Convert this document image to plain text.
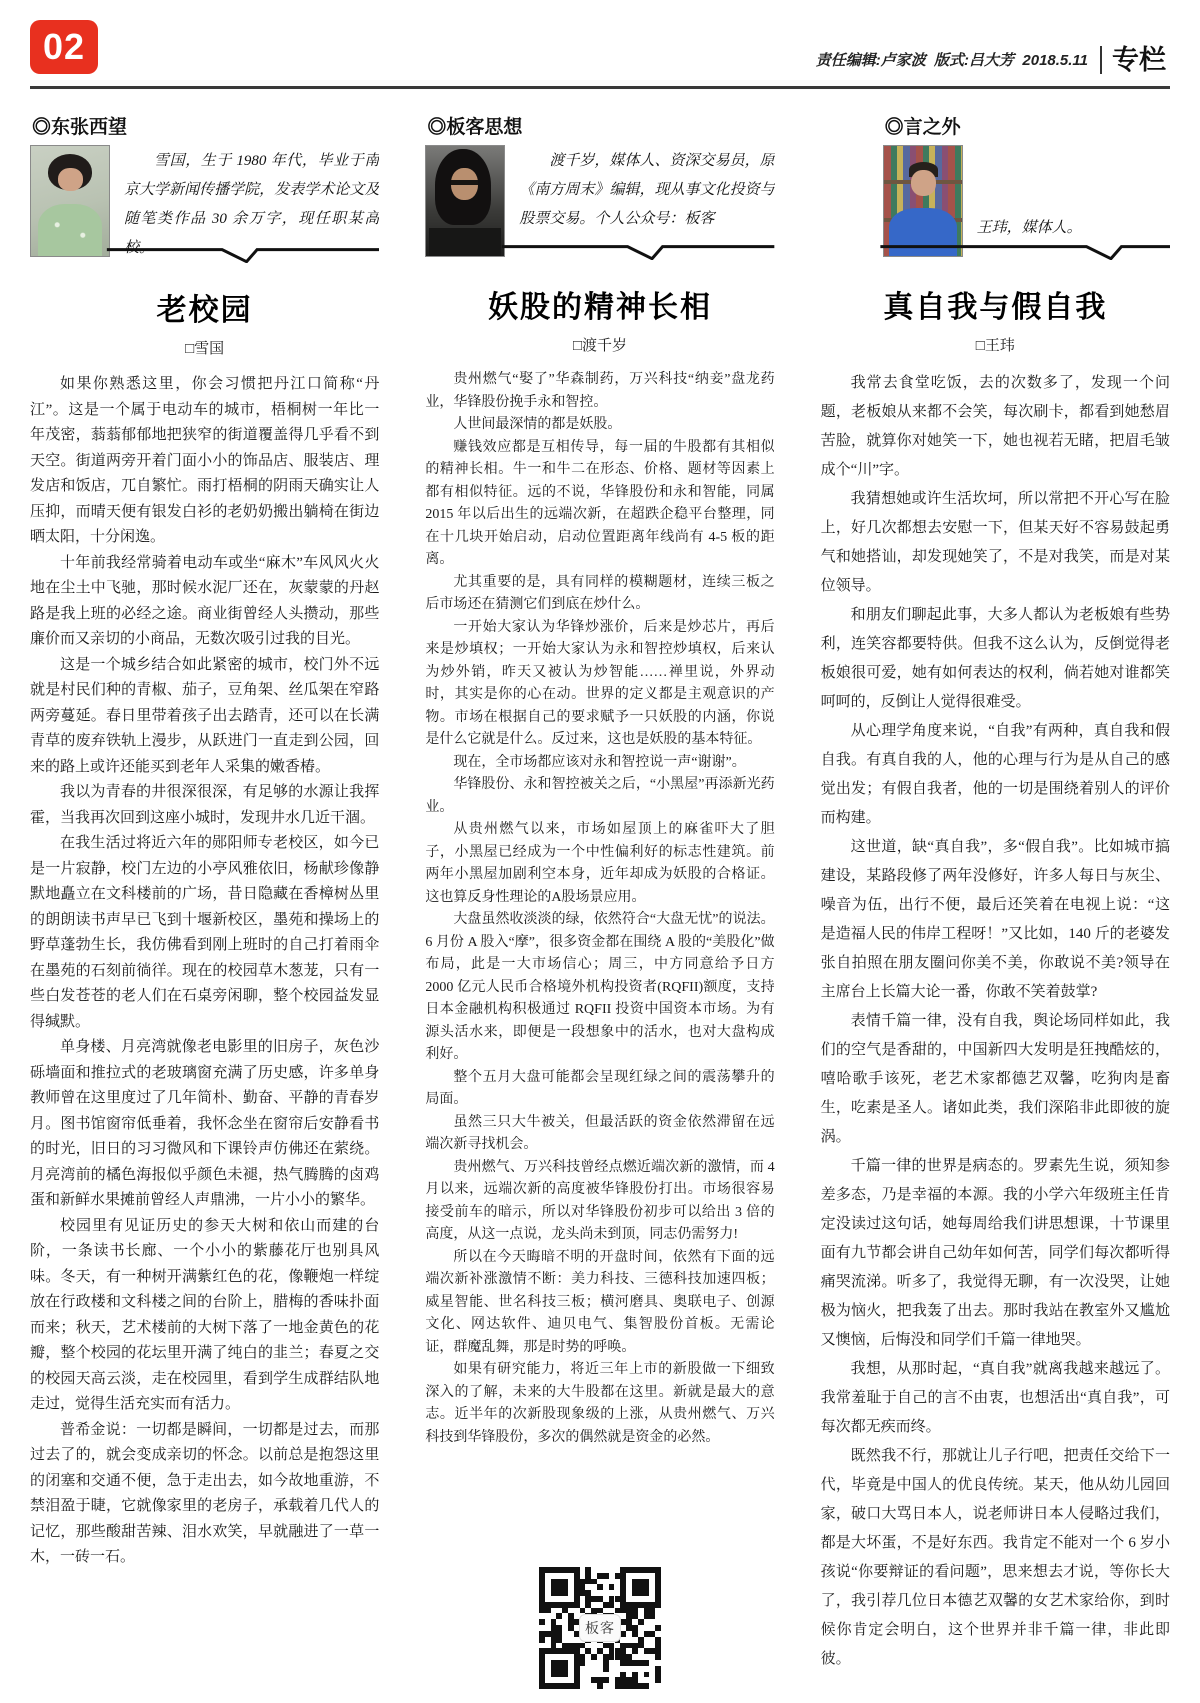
02	责任编辑:卢家波  版式:吕大芳  2018.5.11 专栏
◎东张西望
雪国，生于 1980 年代，毕业于南京大学新闻传播学院，发表学术论文及随笔类作品 30 余万字，现任职某高校。
老校园
□雪国

如果你熟悉这里，你会习惯把丹江口简称“丹江”。这是一个属于电动车的城市，梧桐树一年比一年茂密，蓊蓊郁郁地把狭窄的街道覆盖得几乎看不到天空。街道两旁开着门面小小的饰品店、服装店、理发店和饭店，兀自繁忙。雨打梧桐的阴雨天确实让人压抑，而晴天便有银发白衫的老奶奶搬出躺椅在街边晒太阳，十分闲逸。

十年前我经常骑着电动车或坐“麻木”车风风火火地在尘土中飞驰，那时候水泥厂还在，灰蒙蒙的丹赵路是我上班的必经之途。商业街曾经人头攒动，那些廉价而又亲切的小商品，无数次吸引过我的目光。

这是一个城乡结合如此紧密的城市，校门外不远就是村民们种的青椒、茄子，豆角架、丝瓜架在窄路两旁蔓延。春日里带着孩子出去踏青，还可以在长满青草的废弃铁轨上漫步，从跃进门一直走到公园，回来的路上或许还能买到老年人采集的嫩香椿。

我以为青春的井很深很深，有足够的水源让我挥霍，当我再次回到这座小城时，发现井水几近干涸。

在我生活过将近六年的郧阳师专老校区，如今已是一片寂静，校门左边的小亭风雅依旧，杨献珍像静默地矗立在文科楼前的广场，昔日隐藏在香樟树丛里的朗朗读书声早已飞到十堰新校区，墨苑和操场上的野草蓬勃生长，我仿佛看到刚上班时的自己打着雨伞在墨苑的石刻前徜徉。现在的校园草木葱茏，只有一些白发苍苍的老人们在石桌旁闲聊，整个校园益发显得缄默。

单身楼、月亮湾就像老电影里的旧房子，灰色沙砾墙面和推拉式的老玻璃窗充满了历史感，许多单身教师曾在这里度过了几年简朴、勤奋、平静的青春岁月。图书馆窗帘低垂着，我怀念坐在窗帘后安静看书的时光，旧日的习习微风和下课铃声仿佛还在萦绕。月亮湾前的橘色海报似乎颜色未褪，热气腾腾的卤鸡蛋和新鲜水果摊前曾经人声鼎沸，一片小小的繁华。

校园里有见证历史的参天大树和依山而建的台阶，一条读书长廊、一个小小的紫藤花厅也别具风味。冬天，有一种树开满紫红色的花，像鞭炮一样绽放在行政楼和文科楼之间的台阶上，腊梅的香味扑面而来；秋天，艺术楼前的大树下落了一地金黄色的花瓣，整个校园的花坛里开满了纯白的韭兰；春夏之交的校园天高云淡，走在校园里，看到学生成群结队地走过，觉得生活充实而有活力。

普希金说：一切都是瞬间，一切都是过去，而那过去了的，就会变成亲切的怀念。以前总是抱怨这里的闭塞和交通不便，急于走出去，如今故地重游，不禁泪盈于睫，它就像家里的老房子，承载着几代人的记忆，那些酸甜苦辣、泪水欢笑，早就融进了一草一木，一砖一石。

◎板客思想
渡千岁，媒体人、资深交易员，原《南方周末》编辑，现从事文化投资与股票交易。个人公众号：板客
妖股的精神长相
□渡千岁

贵州燃气“娶了”华森制药，万兴科技“纳妾”盘龙药业，华锋股份挽手永和智控。

人世间最深情的都是妖股。

赚钱效应都是互相传导，每一届的牛股都有其相似的精神长相。牛一和牛二在形态、价格、题材等因素上都有相似特征。远的不说，华锋股份和永和智能，同属 2015 年以后出生的远端次新，在超跌企稳平台整理，同在十几块开始启动，启动位置距离年线尚有 4-5 板的距离。

尤其重要的是，具有同样的模糊题材，连续三板之后市场还在猜测它们到底在炒什么。

一开始大家认为华锋炒涨价，后来是炒芯片，再后来是炒填权；一开始大家认为永和智控炒填权，后来认为炒外销，昨天又被认为炒智能……禅里说，外界动时，其实是你的心在动。世界的定义都是主观意识的产物。市场在根据自己的要求赋予一只妖股的内涵，你说是什么它就是什么。反过来，这也是妖股的基本特征。

现在，全市场都应该对永和智控说一声“谢谢”。

华锋股份、永和智控被关之后，“小黑屋”再添新光药业。

从贵州燃气以来，市场如屋顶上的麻雀吓大了胆子，小黑屋已经成为一个中性偏利好的标志性建筑。前两年小黑屋加剧利空本身，近年却成为妖股的合格证。这也算反身性理论的A股场景应用。

大盘虽然收淡淡的绿，依然符合“大盘无忧”的说法。6 月份 A 股入“摩”，很多资金都在围绕 A 股的“美股化”做布局，此是一大市场信心；周三，中方同意给予日方 2000 亿元人民币合格境外机构投资者(RQFII)额度，支持日本金融机构积极通过 RQFII 投资中国资本市场。为有源头活水来，即便是一段想象中的活水，也对大盘构成利好。

整个五月大盘可能都会呈现红绿之间的震荡攀升的局面。

虽然三只大牛被关，但最活跃的资金依然滞留在远端次新寻找机会。

贵州燃气、万兴科技曾经点燃近端次新的激情，而 4 月以来，远端次新的高度被华锋股份打出。市场很容易接受前车的暗示，所以对华锋股份初步可以给出 3 倍的高度，从这一点说，龙头尚未到顶，同志仍需努力!

所以在今天晦暗不明的开盘时间，依然有下面的远端次新补涨激情不断：美力科技、三德科技加速四板；威星智能、世名科技三板；横河磨具、奥联电子、创源文化、网达软件、迪贝电气、集智股份首板。无需论证，群魔乱舞，那是时势的呼唤。

如果有研究能力，将近三年上市的新股做一下细致深入的了解，未来的大牛股都在这里。新就是最大的意志。近半年的次新股现象级的上涨，从贵州燃气、万兴科技到华锋股份，多次的偶然就是资金的必然。

板客
◎言之外
王玮，媒体人。
真自我与假自我
□王玮

我常去食堂吃饭，去的次数多了，发现一个问题，老板娘从来都不会笑，每次刷卡，都看到她愁眉苦脸，就算你对她笑一下，她也视若无睹，把眉毛皱成个“川”字。

我猜想她或许生活坎坷，所以常把不开心写在脸上，好几次都想去安慰一下，但某天好不容易鼓起勇气和她搭讪，却发现她笑了，不是对我笑，而是对某位领导。

和朋友们聊起此事，大多人都认为老板娘有些势利，连笑容都要特供。但我不这么认为，反倒觉得老板娘很可爱，她有如何表达的权利，倘若她对谁都笑呵呵的，反倒让人觉得很难受。

从心理学角度来说，“自我”有两种，真自我和假自我。有真自我的人，他的心理与行为是从自己的感觉出发；有假自我者，他的一切是围绕着别人的评价而构建。

这世道，缺“真自我”，多“假自我”。比如城市搞建设，某路段修了两年没修好，许多人每日与灰尘、噪音为伍，出行不便，最后还笑着在电视上说：“这是造福人民的伟岸工程呀！”又比如，140 斤的老婆发张自拍照在朋友圈问你美不美，你敢说不美?领导在主席台上长篇大论一番，你敢不笑着鼓掌?

表情千篇一律，没有自我，舆论场同样如此，我们的空气是香甜的，中国新四大发明是狂拽酷炫的，嘻哈歌手该死，老艺术家都德艺双馨，吃狗肉是畜生，吃素是圣人。诸如此类，我们深陷非此即彼的旋涡。

千篇一律的世界是病态的。罗素先生说，须知参差多态，乃是幸福的本源。我的小学六年级班主任肯定没读过这句话，她每周给我们讲思想课，十节课里面有九节都会讲自己幼年如何苦，同学们每次都听得痛哭流涕。听多了，我觉得无聊，有一次没哭，让她极为恼火，把我轰了出去。那时我站在教室外又尴尬又懊恼，后悔没和同学们千篇一律地哭。

我想，从那时起，“真自我”就离我越来越远了。我常羞耻于自己的言不由衷，也想活出“真自我”，可每次都无疾而终。

既然我不行，那就让儿子行吧，把责任交给下一代，毕竟是中国人的优良传统。某天，他从幼儿园回家，破口大骂日本人，说老师讲日本人侵略过我们，都是大坏蛋，不是好东西。我肯定不能对一个 6 岁小孩说“你要辩证的看问题”，思来想去才说，等你长大了，我引荐几位日本德艺双馨的女艺术家给你，到时候你肯定会明白，这个世界并非千篇一律，非此即彼。
